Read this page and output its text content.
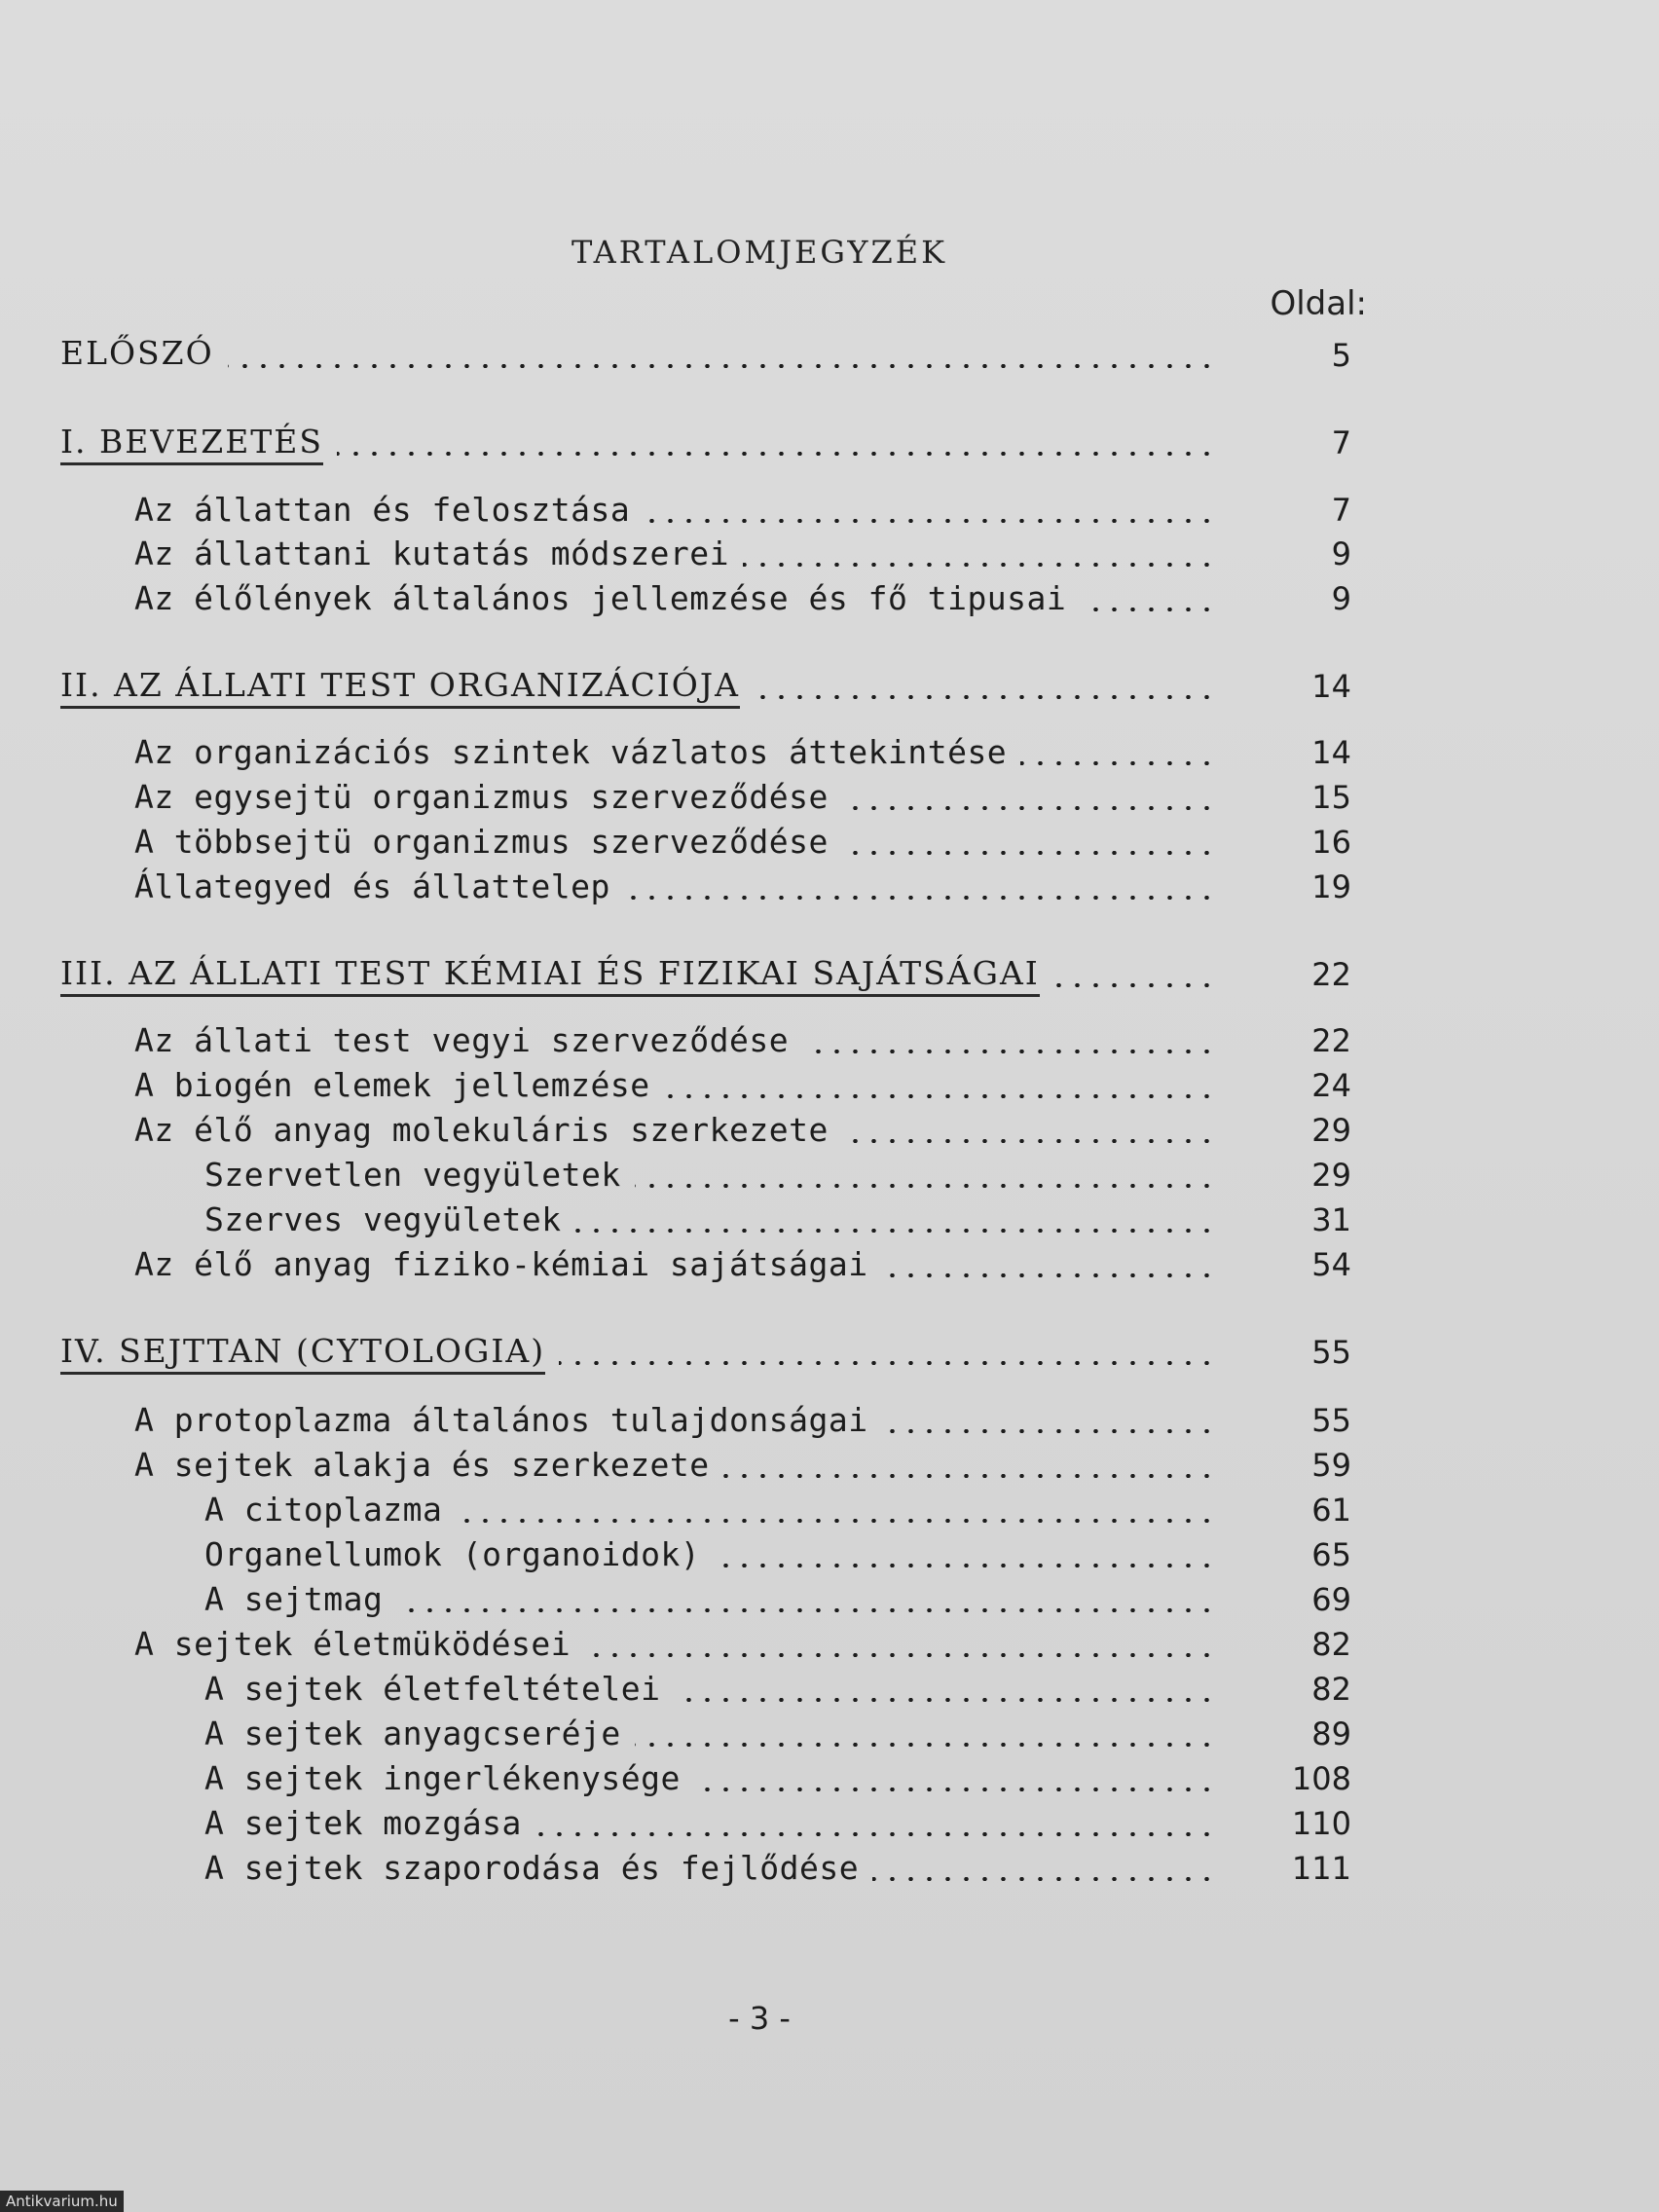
TARTALOMJEGYZÉK
Oldal:
ELŐSZÓ	5
I. BEVEZETÉS	7
Az állattan és felosztása	7
Az állattani kutatás módszerei	9
Az élőlények általános jellemzése és fő tipusai	9
II. AZ ÁLLATI TEST ORGANIZÁCIÓJA	14
Az organizációs szintek vázlatos áttekintése	14
Az egysejtü organizmus szerveződése	15
A többsejtü organizmus szerveződése	16
Állategyed és állattelep	19
III. AZ ÁLLATI TEST KÉMIAI ÉS FIZIKAI SAJÁTSÁGAI	22
Az állati test vegyi szerveződése	22
A biogén elemek jellemzése	24
Az élő anyag molekuláris szerkezete	29
Szervetlen vegyületek	29
Szerves vegyületek	31
Az élő anyag fiziko-kémiai sajátságai	54
IV. SEJTTAN (CYTOLOGIA)	55
A protoplazma általános tulajdonságai	55
A sejtek alakja és szerkezete	59
A citoplazma	61
Organellumok (organoidok)	65
A sejtmag	69
A sejtek életmüködései	82
A sejtek életfeltételei	82
A sejtek anyagcseréje	89
A sejtek ingerlékenysége	108
A sejtek mozgása	110
A sejtek szaporodása és fejlődése	111
- 3 -
Antikvarium.hu
